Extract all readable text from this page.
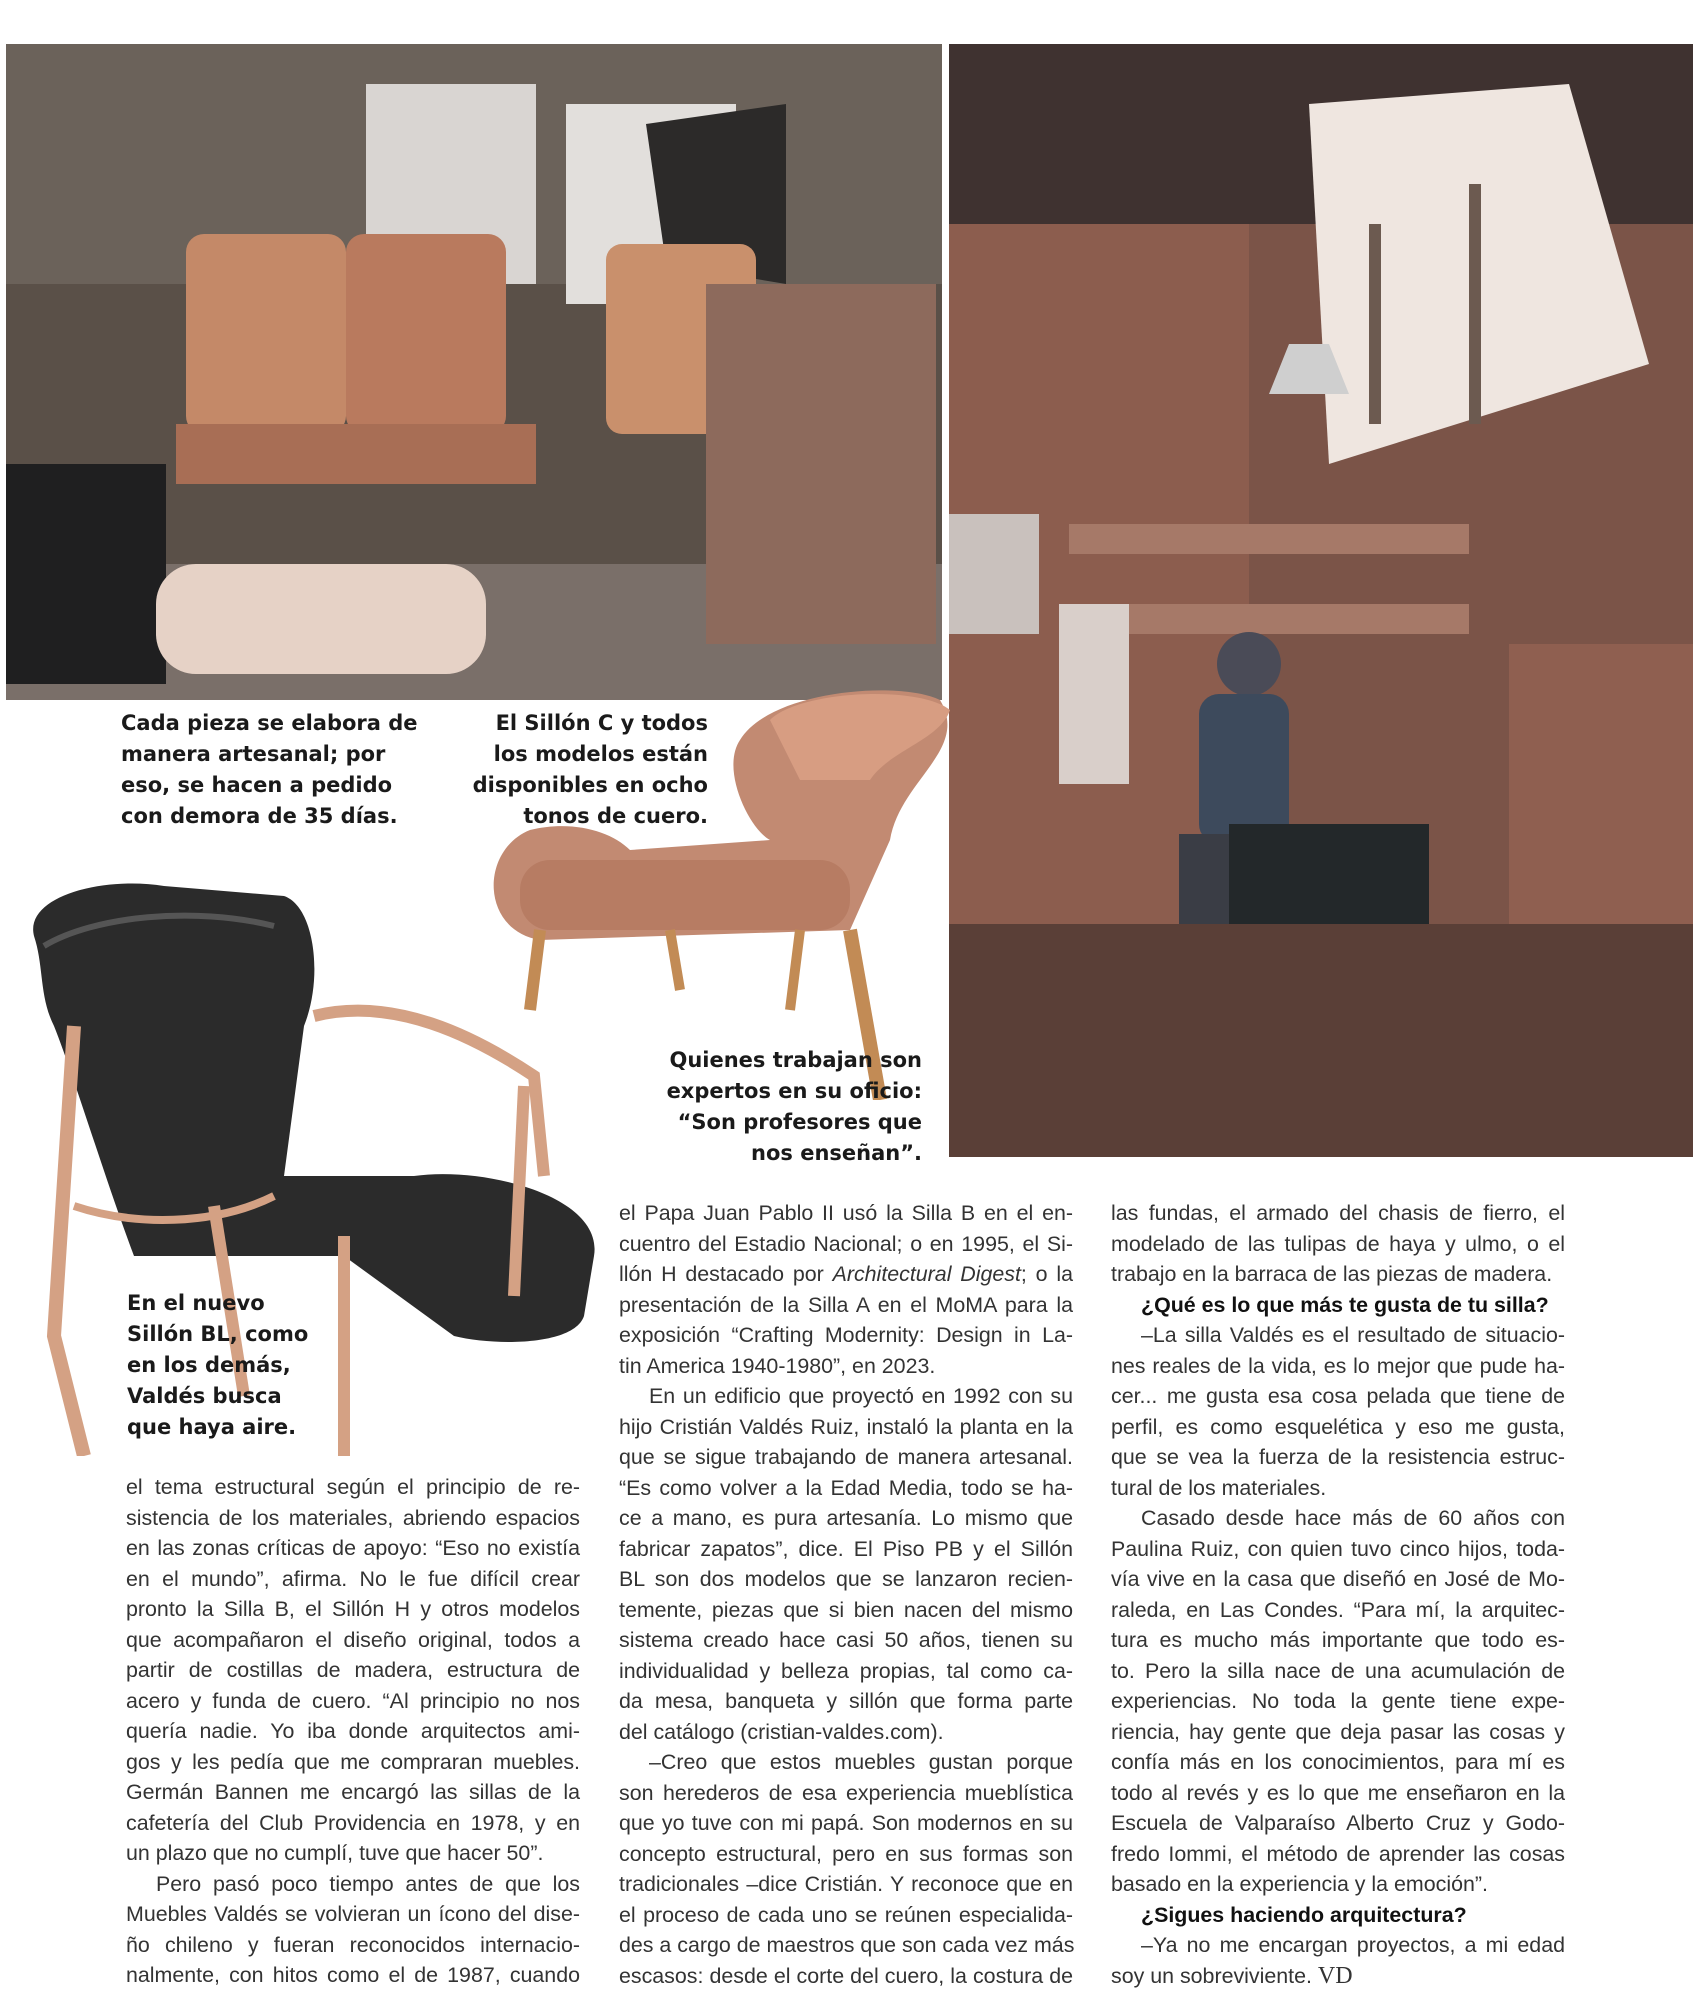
Cada pieza se elabora de
manera artesanal; por
eso, se hacen a pedido
con demora de 35 días.
El Sillón C y todos
los modelos están
disponibles en ocho
tonos de cuero.
Quienes trabajan son
expertos en su oficio:
“Son profesores que
nos enseñan”.
En el nuevo
Sillón BL, como
en los demás,
Valdés busca
que haya aire.
el tema estructural según el principio de re-
sistencia de los materiales, abriendo espacios
en las zonas críticas de apoyo: “Eso no existía
en el mundo”, afirma. No le fue difícil crear
pronto la Silla B, el Sillón H y otros modelos
que acompañaron el diseño original, todos a
partir de costillas de madera, estructura de
acero y funda de cuero. “Al principio no nos
quería nadie. Yo iba donde arquitectos ami-
gos y les pedía que me compraran muebles.
Germán Bannen me encargó las sillas de la
cafetería del Club Providencia en 1978, y en
un plazo que no cumplí, tuve que hacer 50”.
Pero pasó poco tiempo antes de que los
Muebles Valdés se volvieran un ícono del dise-
ño chileno y fueran reconocidos internacio-
nalmente, con hitos como el de 1987, cuando
el Papa Juan Pablo II usó la Silla B en el en-
cuentro del Estadio Nacional; o en 1995, el Si-
llón H destacado por Architectural Digest; o la
presentación de la Silla A en el MoMA para la
exposición “Crafting Modernity: Design in La-
tin America 1940-1980”, en 2023.
En un edificio que proyectó en 1992 con su
hijo Cristián Valdés Ruiz, instaló la planta en la
que se sigue trabajando de manera artesanal.
“Es como volver a la Edad Media, todo se ha-
ce a mano, es pura artesanía. Lo mismo que
fabricar zapatos”, dice. El Piso PB y el Sillón
BL son dos modelos que se lanzaron recien-
temente, piezas que si bien nacen del mismo
sistema creado hace casi 50 años, tienen su
individualidad y belleza propias, tal como ca-
da mesa, banqueta y sillón que forma parte
del catálogo (cristian-valdes.com).
–Creo que estos muebles gustan porque
son herederos de esa experiencia mueblística
que yo tuve con mi papá. Son modernos en su
concepto estructural, pero en sus formas son
tradicionales –dice Cristián. Y reconoce que en
el proceso de cada uno se reúnen especialida-
des a cargo de maestros que son cada vez más
escasos: desde el corte del cuero, la costura de
las fundas, el armado del chasis de fierro, el
modelado de las tulipas de haya y ulmo, o el
trabajo en la barraca de las piezas de madera.
¿Qué es lo que más te gusta de tu silla?
–La silla Valdés es el resultado de situacio-
nes reales de la vida, es lo mejor que pude ha-
cer... me gusta esa cosa pelada que tiene de
perfil, es como esquelética y eso me gusta,
que se vea la fuerza de la resistencia estruc-
tural de los materiales.
Casado desde hace más de 60 años con
Paulina Ruiz, con quien tuvo cinco hijos, toda-
vía vive en la casa que diseñó en José de Mo-
raleda, en Las Condes. “Para mí, la arquitec-
tura es mucho más importante que todo es-
to. Pero la silla nace de una acumulación de
experiencias. No toda la gente tiene expe-
riencia, hay gente que deja pasar las cosas y
confía más en los conocimientos, para mí es
todo al revés y es lo que me enseñaron en la
Escuela de Valparaíso Alberto Cruz y Godo-
fredo Iommi, el método de aprender las cosas
basado en la experiencia y la emoción”.
¿Sigues haciendo arquitectura?
–Ya no me encargan proyectos, a mi edad
soy un sobreviviente. VD
